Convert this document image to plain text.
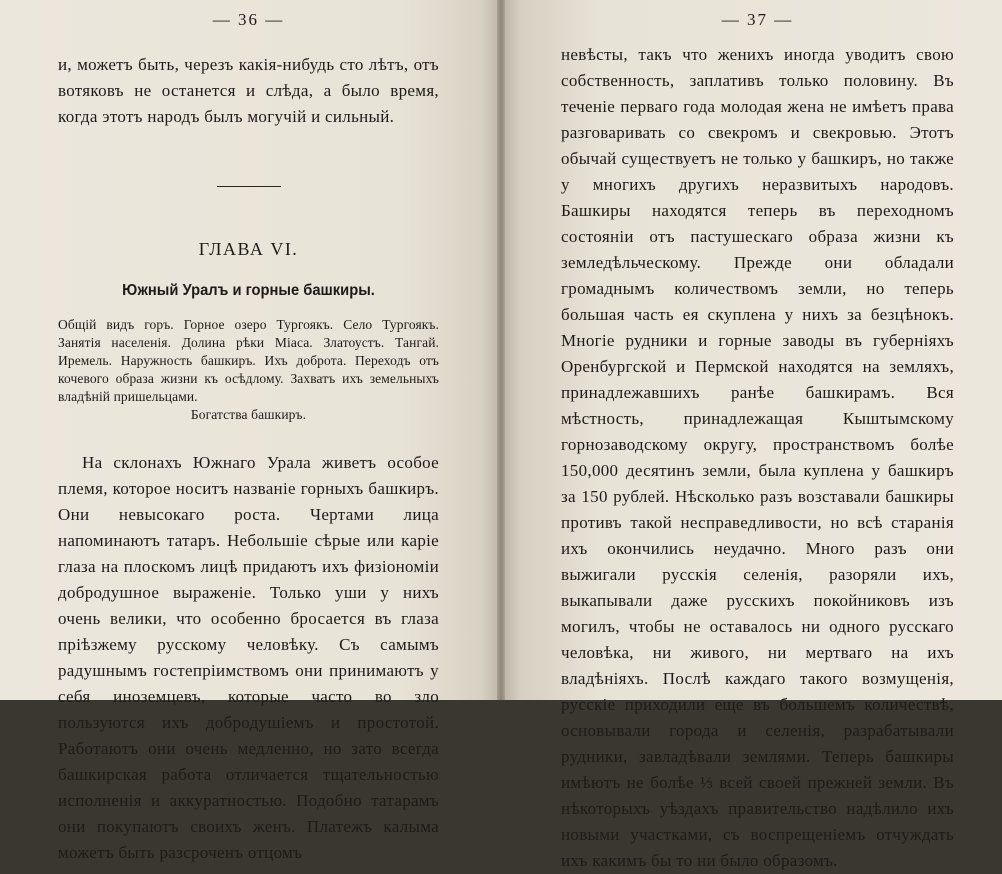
— 36 —

и, можетъ быть, черезъ какія-нибудь сто лѣтъ, отъ вотяковъ не останется и слѣда, а было время, когда этотъ народъ былъ могучій и сильный.

ГЛАВА VI.
Южный Уралъ и горные башкиры.
Общій видъ горъ. Горное озеро Тургоякъ. Село Тургоякъ. Занятія населенія. Долина рѣки Міаса. Златоустъ. Тангай. Иремель. Наружность башкиръ. Ихъ доброта. Переходъ отъ кочевого образа жизни къ осѣдлому. Захватъ ихъ земельныхъ владѣній пришельцами.
Богатства башкиръ.

На склонахъ Южнаго Урала живетъ особое племя, которое носитъ названіе горныхъ башкиръ. Они невысокаго роста. Чертами лица напоминаютъ татаръ. Небольшіе сѣрые или каріе глаза на плоскомъ лицѣ придаютъ ихъ физіономіи добродушное выраженіе. Только уши у нихъ очень велики, что особенно бросается въ глаза пріѣзжему русскому человѣку. Съ самымъ радушнымъ гостепріимствомъ они принимаютъ у себя иноземцевъ, которые часто во зло пользуются ихъ добродушіемъ и простотой. Работаютъ они очень медленно, но зато всегда башкирская работа отличается тщательностью исполненія и аккуратностью. Подобно татарамъ они покупаютъ своихъ женъ. Платежъ калыма можетъ быть разсроченъ отцомъ

— 37 —

невѣсты, такъ что женихъ иногда уводитъ свою собственность, заплативъ только половину. Въ теченіе перваго года молодая жена не имѣетъ права разговаривать со свекромъ и свекровью. Этотъ обычай существуетъ не только у башкиръ, но также у многихъ другихъ неразвитыхъ народовъ. Башкиры находятся теперь въ переходномъ состояніи отъ пастушескаго образа жизни къ земледѣльческому. Прежде они обладали громаднымъ количествомъ земли, но теперь большая часть ея скуплена у нихъ за безцѣнокъ. Многіе рудники и горные заводы въ губерніяхъ Оренбургской и Пермской находятся на земляхъ, принадлежавшихъ ранѣе башкирамъ. Вся мѣстность, принадлежащая Кыштымскому горнозаводскому округу, пространствомъ болѣе 150,000 десятинъ земли, была куплена у башкиръ за 150 рублей. Нѣсколько разъ возставали башкиры противъ такой несправедливости, но всѣ старанія ихъ окончились неудачно. Много разъ они выжигали русскія селенія, разоряли ихъ, выкапывали даже русскихъ покойниковъ изъ могилъ, чтобы не оставалось ни одного русскаго человѣка, ни живого, ни мертваго на ихъ владѣніяхъ. Послѣ каждаго такого возмущенія, русскіе приходили еще въ большемъ количествѣ, основывали города и селенія, разрабатывали рудники, завладѣвали землями. Теперь башкиры имѣютъ не болѣе ⅓ всей своей прежней земли. Въ нѣкоторыхъ уѣздахъ правительство надѣлило ихъ новыми участками, съ воспрещеніемъ отчуждать ихъ какимъ бы то ни было образомъ.
